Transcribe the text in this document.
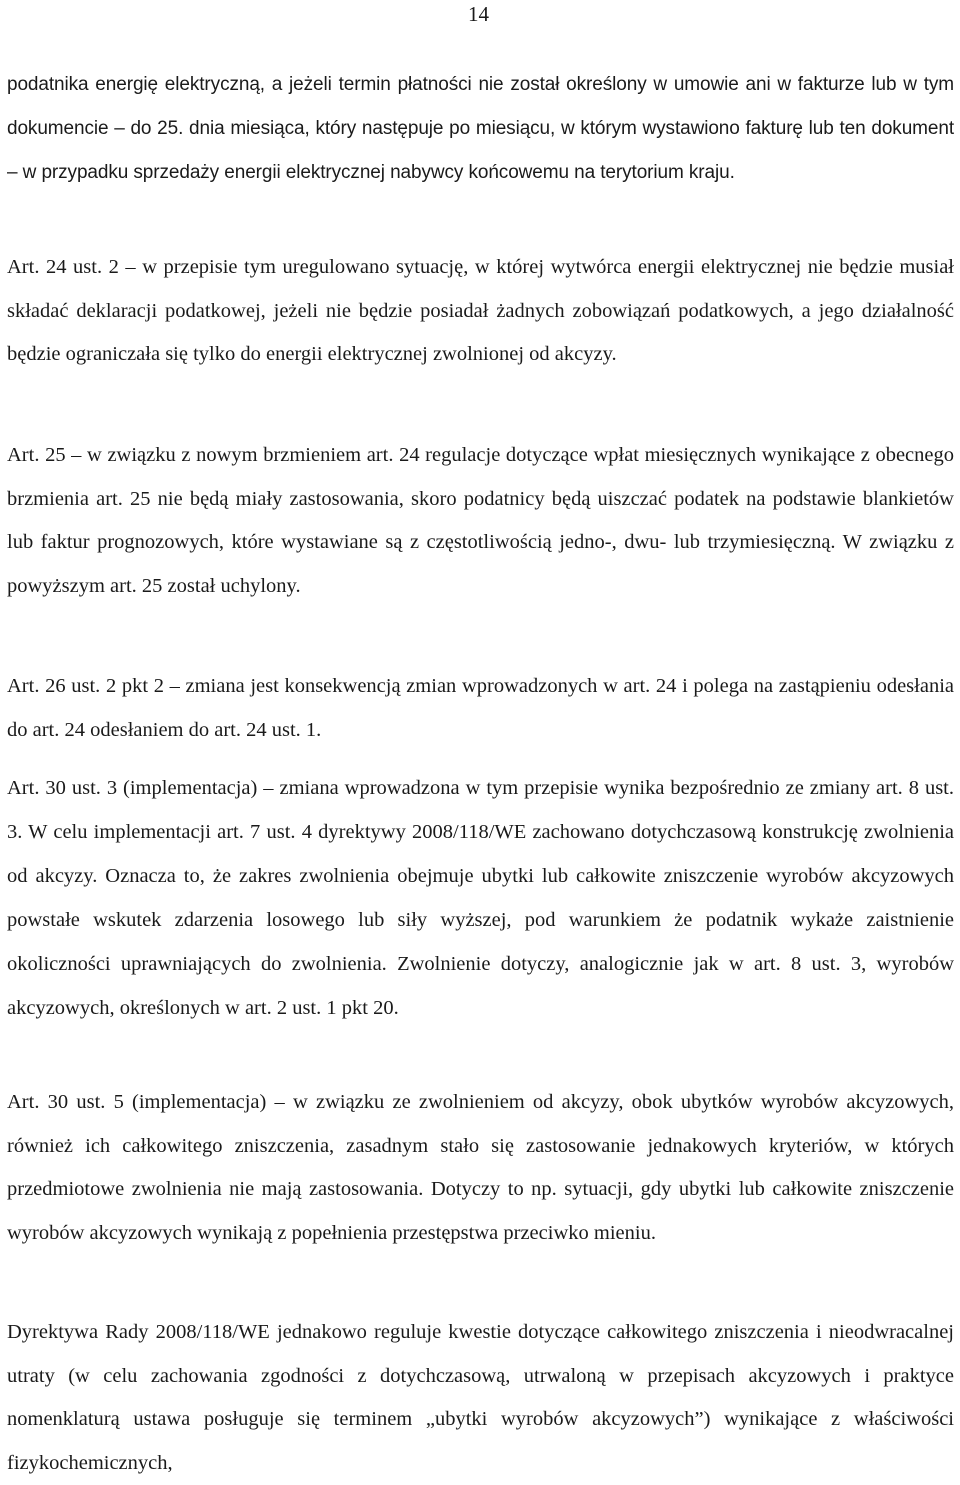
14

podatnika energię elektryczną, a jeżeli termin płatności nie został określony w umowie ani w fakturze lub w tym dokumencie – do 25. dnia miesiąca, który następuje po miesiącu, w którym wystawiono fakturę lub ten dokument – w przypadku sprzedaży energii elektrycznej nabywcy końcowemu na terytorium kraju.

Art. 24 ust. 2 – w przepisie tym uregulowano sytuację, w której wytwórca energii elektrycznej nie będzie musiał składać deklaracji podatkowej, jeżeli nie będzie posiadał żadnych zobowiązań podatkowych, a jego działalność będzie ograniczała się tylko do energii elektrycznej zwolnionej od akcyzy.

Art. 25 – w związku z nowym brzmieniem art. 24 regulacje dotyczące wpłat miesięcznych wynikające z obecnego brzmienia art. 25 nie będą miały zastosowania, skoro podatnicy będą uiszczać podatek na podstawie blankietów lub faktur prognozowych, które wystawiane są z częstotliwością jedno-, dwu- lub trzymiesięczną. W związku z powyższym art. 25 został uchylony.

Art. 26 ust. 2 pkt 2 – zmiana jest konsekwencją zmian wprowadzonych w art. 24 i polega na zastąpieniu odesłania do art. 24 odesłaniem do art. 24 ust. 1.

Art. 30 ust. 3 (implementacja) – zmiana wprowadzona w tym przepisie wynika bezpośrednio ze zmiany art. 8 ust. 3. W celu implementacji art. 7 ust. 4 dyrektywy 2008/118/WE zachowano dotychczasową konstrukcję zwolnienia od akcyzy. Oznacza to, że zakres zwolnienia obejmuje ubytki lub całkowite zniszczenie wyrobów akcyzowych powstałe wskutek zdarzenia losowego lub siły wyższej, pod warunkiem że podatnik wykaże zaistnienie okoliczności uprawniających do zwolnienia. Zwolnienie dotyczy, analogicznie jak w art. 8 ust. 3, wyrobów akcyzowych, określonych w art. 2 ust. 1 pkt 20.

Art. 30 ust. 5 (implementacja) – w związku ze zwolnieniem od akcyzy, obok ubytków wyrobów akcyzowych, również ich całkowitego zniszczenia, zasadnym stało się zastosowanie jednakowych kryteriów, w których przedmiotowe zwolnienia nie mają zastosowania. Dotyczy to np. sytuacji, gdy ubytki lub całkowite zniszczenie wyrobów akcyzowych wynikają z popełnienia przestępstwa przeciwko mieniu.

Dyrektywa Rady 2008/118/WE jednakowo reguluje kwestie dotyczące całkowitego zniszczenia i nieodwracalnej utraty (w celu zachowania zgodności z dotychczasową, utrwaloną w przepisach akcyzowych i praktyce nomenklaturą ustawa posługuje się terminem „ubytki wyrobów akcyzowych”) wynikające z właściwości fizykochemicznych,
